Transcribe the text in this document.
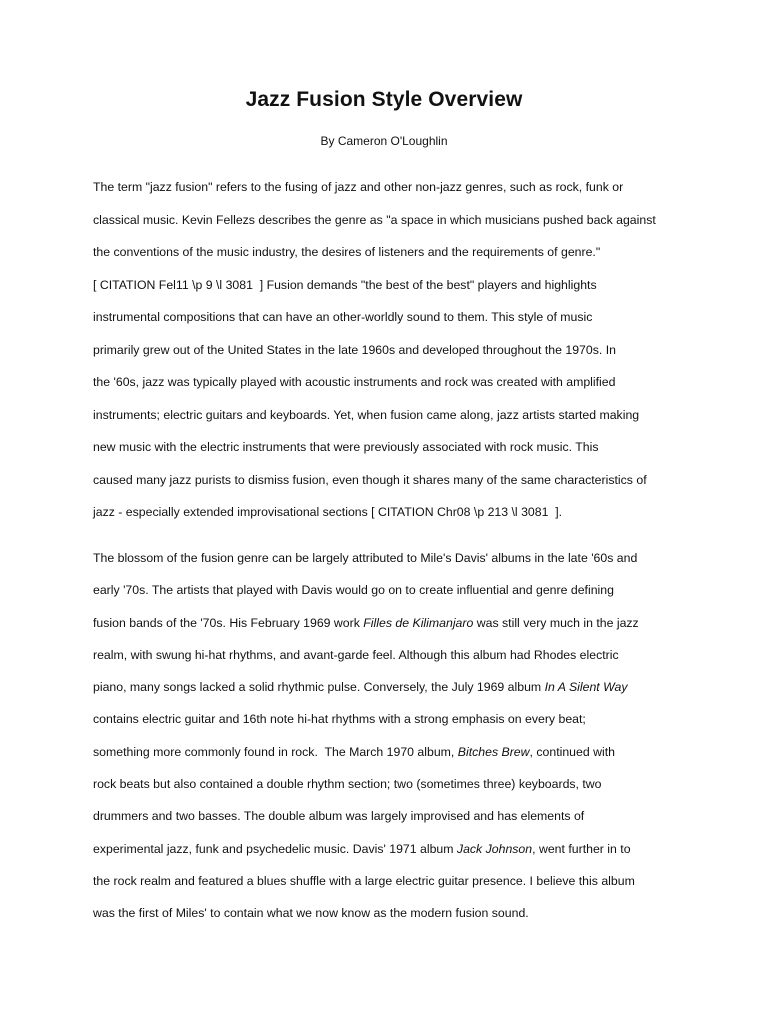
Jazz Fusion Style Overview
By Cameron O'Loughlin
The term "jazz fusion" refers to the fusing of jazz and other non-jazz genres, such as rock, funk or
classical music. Kevin Fellezs describes the genre as "a space in which musicians pushed back against
the conventions of the music industry, the desires of listeners and the requirements of genre."
[ CITATION Fel11 \p 9 \l 3081  ] Fusion demands "the best of the best" players and highlights
instrumental compositions that can have an other-worldly sound to them. This style of music
primarily grew out of the United States in the late 1960s and developed throughout the 1970s. In
the '60s, jazz was typically played with acoustic instruments and rock was created with amplified
instruments; electric guitars and keyboards. Yet, when fusion came along, jazz artists started making
new music with the electric instruments that were previously associated with rock music. This
caused many jazz purists to dismiss fusion, even though it shares many of the same characteristics of
jazz - especially extended improvisational sections [ CITATION Chr08 \p 213 \l 3081  ].
The blossom of the fusion genre can be largely attributed to Mile's Davis' albums in the late '60s and
early '70s. The artists that played with Davis would go on to create influential and genre defining
fusion bands of the '70s. His February 1969 work Filles de Kilimanjaro was still very much in the jazz
realm, with swung hi-hat rhythms, and avant-garde feel. Although this album had Rhodes electric
piano, many songs lacked a solid rhythmic pulse. Conversely, the July 1969 album In A Silent Way
contains electric guitar and 16th note hi-hat rhythms with a strong emphasis on every beat;
something more commonly found in rock.  The March 1970 album, Bitches Brew, continued with
rock beats but also contained a double rhythm section; two (sometimes three) keyboards, two
drummers and two basses. The double album was largely improvised and has elements of
experimental jazz, funk and psychedelic music. Davis' 1971 album Jack Johnson, went further in to
the rock realm and featured a blues shuffle with a large electric guitar presence. I believe this album
was the first of Miles' to contain what we now know as the modern fusion sound.
